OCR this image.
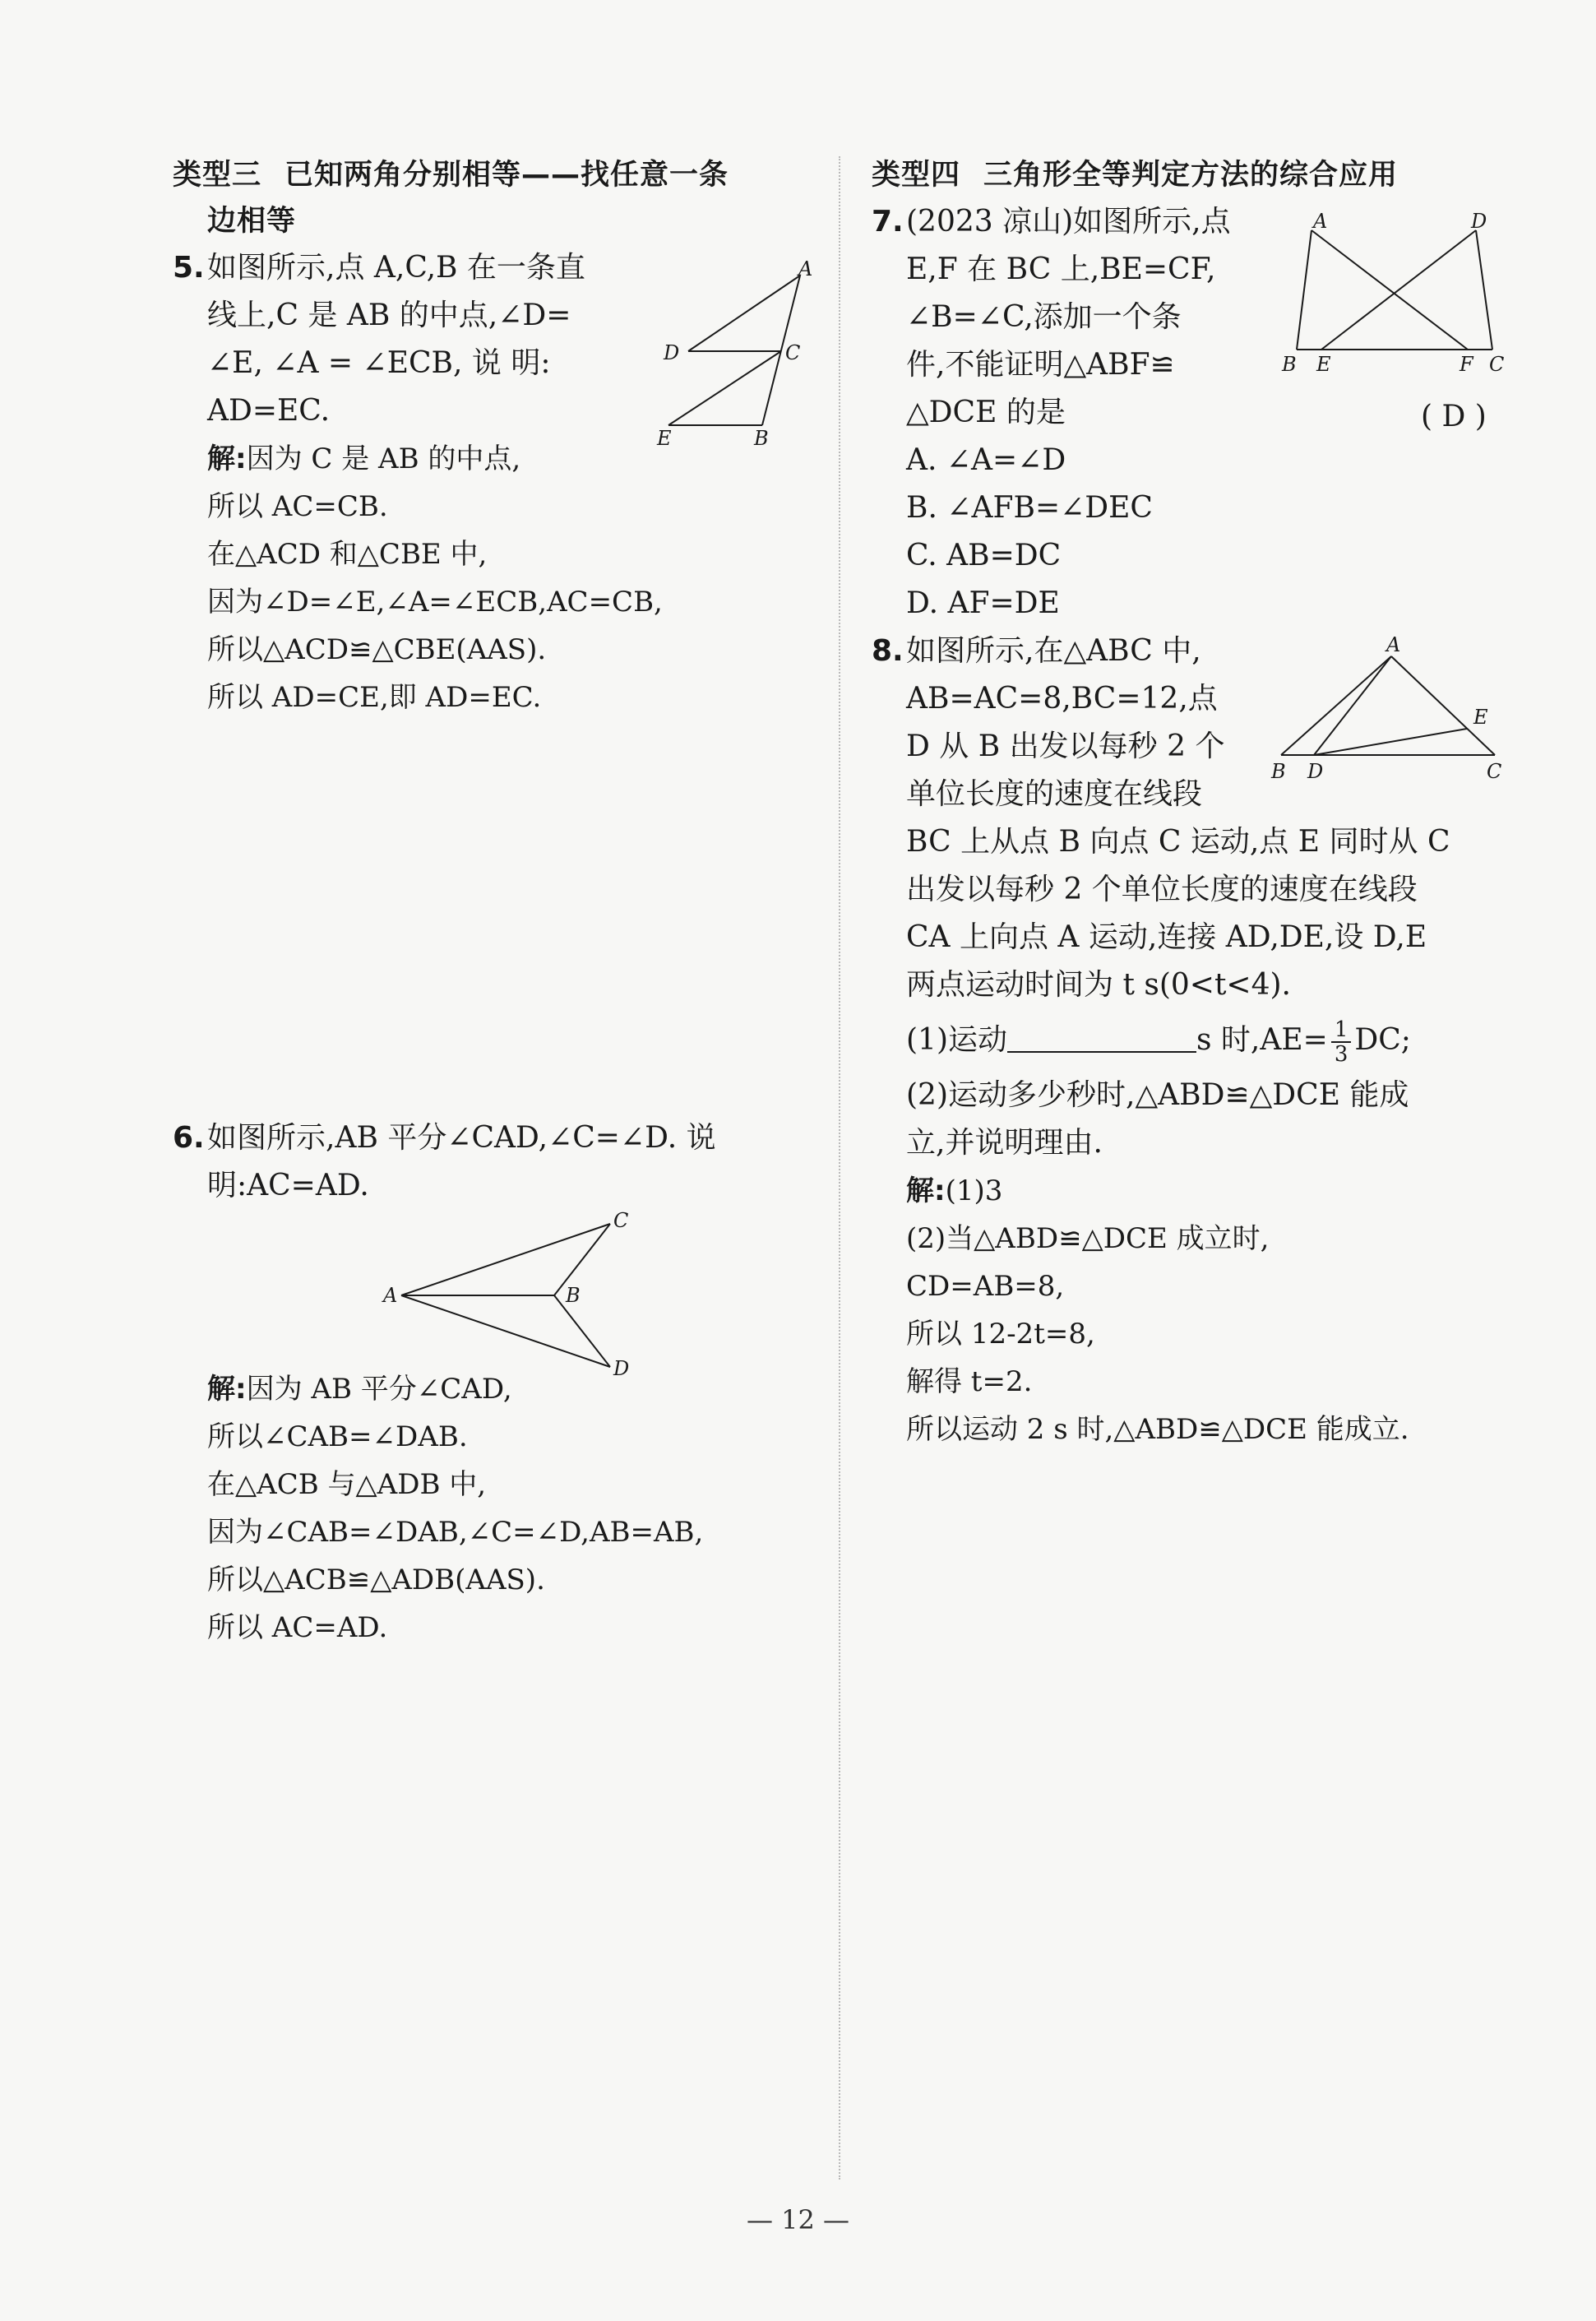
类型三 已知两角分别相等——找任意一条
边相等
5.如图所示,点 A,C,B 在一条直
线上,C 是 AB 的中点,∠D=
∠E, ∠A = ∠ECB, 说 明:
AD=EC.
解:因为 C 是 AB 的中点,
所以 AC=CB.
在△ACD 和△CBE 中,
因为∠D=∠E,∠A=∠ECB,AC=CB,
所以△ACD≌△CBE(AAS).
所以 AD=CE,即 AD=EC.
6.如图所示,AB 平分∠CAD,∠C=∠D. 说
明:AC=AD.
解:因为 AB 平分∠CAD,
所以∠CAB=∠DAB.
在△ACB 与△ADB 中,
因为∠CAB=∠DAB,∠C=∠D,AB=AB,
所以△ACB≌△ADB(AAS).
所以 AC=AD.
A
C
D
E	B
A	B
C
D
类型四 三角形全等判定方法的综合应用
7.(2023 凉山)如图所示,点
E,F 在 BC 上,BE=CF,
∠B=∠C,添加一个条
件,不能证明△ABF≌
△DCE 的是
A. ∠A=∠D
B. ∠AFB=∠DEC
C. AB=DC
D. AF=DE
8.如图所示,在△ABC 中,
AB=AC=8,BC=12,点
D 从 B 出发以每秒 2 个
单位长度的速度在线段
BC 上从点 B 向点 C 运动,点 E 同时从 C
出发以每秒 2 个单位长度的速度在线段
CA 上向点 A 运动,连接 AD,DE,设 D,E
两点运动时间为 t s(0<t<4).
(1)运动	s 时$,AE= \frac{1}{3}$ DC;
(2)运动多少秒时,△ABD≌△DCE 能成
立,并说明理由.
解:(1)3
(2)当△ABD≌△DCE 成立时,
CD=AB=8,
所以 12-2t=8,
解得 t=2.
所以运动 2 s 时,△ABD≌△DCE 能成立.
( D )
A	D
B E	F C
A
B D
E
C
— 12 —
